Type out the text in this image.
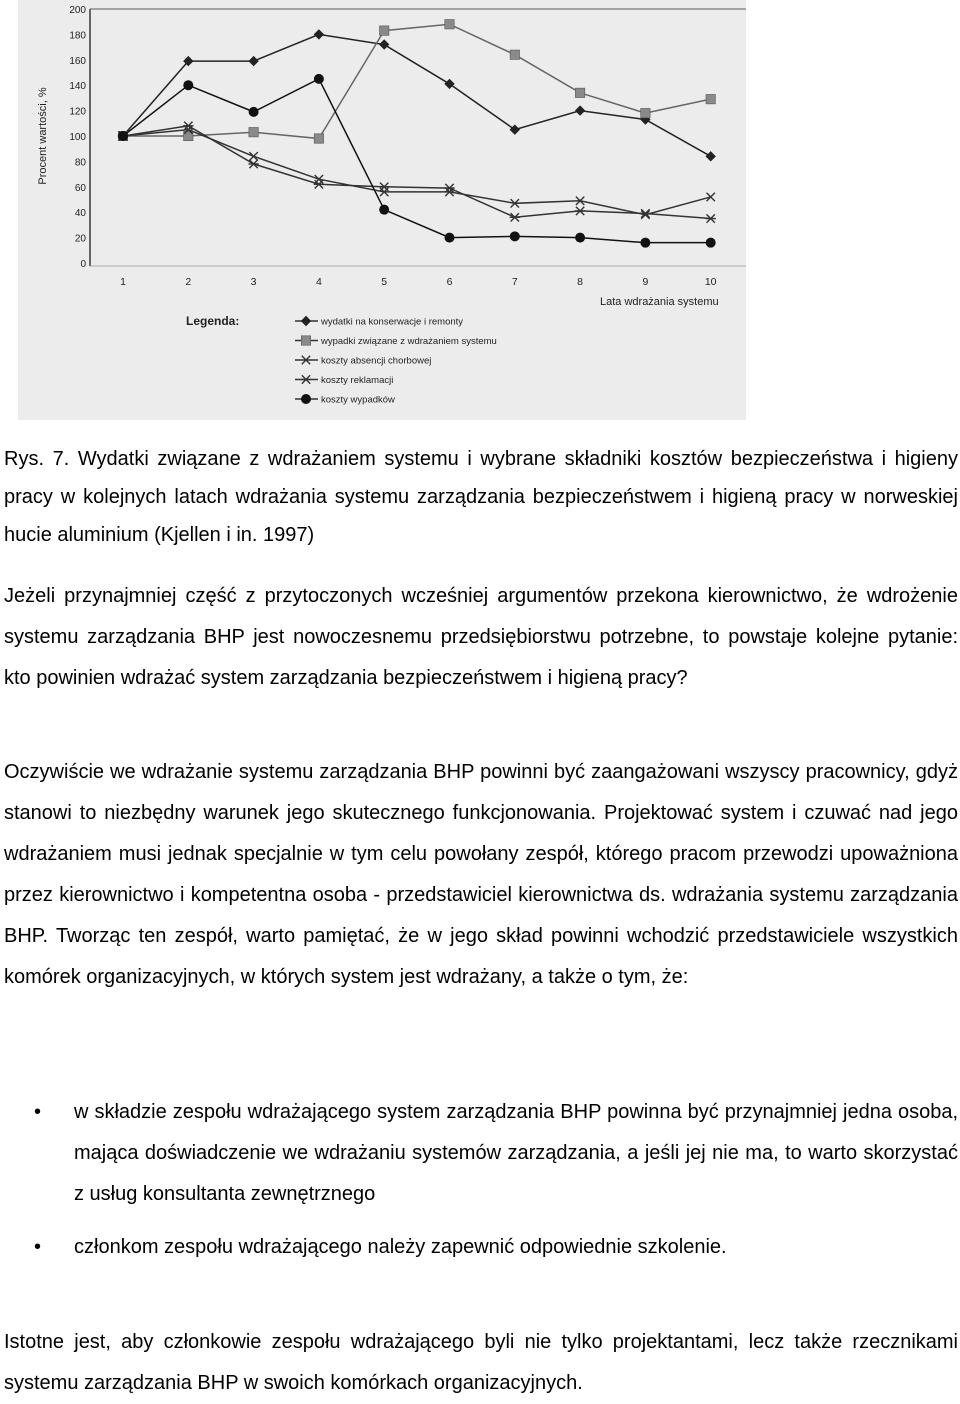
Procent wartości, %
200
180
160
140
120
100
80
60
40
20
0
1	2	3	4	5	6	7	8	9	10
Lata wdrażania systemu
Legenda:	wydatki na konserwacje i remonty
wypadki związane z wdrażaniem systemu
koszty absencji chorbowej
koszty reklamacji
koszty wypadków
Rys. 7. Wydatki związane z wdrażaniem systemu i wybrane składniki kosztów bezpieczeństwa i higieny pracy w kolejnych latach wdrażania systemu zarządzania bezpieczeństwem i higieną pracy w norweskiej hucie aluminium (Kjellen i in. 1997)
Jeżeli przynajmniej część z przytoczonych wcześniej argumentów przekona kierownictwo, że wdrożenie systemu zarządzania BHP jest nowoczesnemu przedsiębiorstwu potrzebne, to powstaje kolejne pytanie: kto powinien wdrażać system zarządzania bezpieczeństwem i higieną pracy?
Oczywiście we wdrażanie systemu zarządzania BHP powinni być zaangażowani wszyscy pracownicy, gdyż stanowi to niezbędny warunek jego skutecznego funkcjonowania. Projektować system i czuwać nad jego wdrażaniem musi jednak specjalnie w tym celu powołany zespół, którego pracom przewodzi upoważniona przez kierownictwo i kompetentna osoba - przedstawiciel kierownictwa ds. wdrażania systemu zarządzania BHP. Tworząc ten zespół, warto pamiętać, że w jego skład powinni wchodzić przedstawiciele wszystkich komórek organizacyjnych, w których system jest wdrażany, a także o tym, że:
• w składzie zespołu wdrażającego system zarządzania BHP powinna być przynajmniej jedna osoba, mająca doświadczenie we wdrażaniu systemów zarządzania, a jeśli jej nie ma, to warto skorzystać z usług konsultanta zewnętrznego
• członkom zespołu wdrażającego należy zapewnić odpowiednie szkolenie.
Istotne jest, aby członkowie zespołu wdrażającego byli nie tylko projektantami, lecz także rzecznikami systemu zarządzania BHP w swoich komórkach organizacyjnych.
